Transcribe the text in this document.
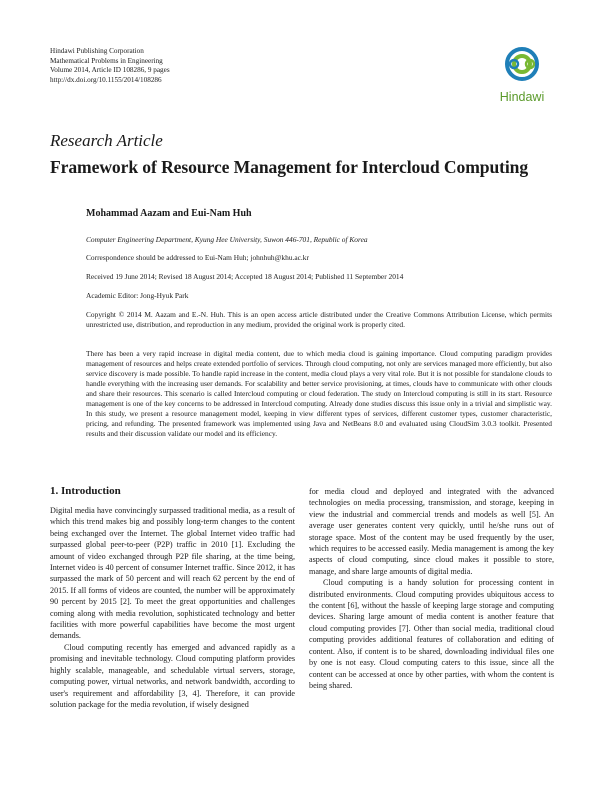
Hindawi Publishing Corporation
Mathematical Problems in Engineering
Volume 2014, Article ID 108286, 9 pages
http://dx.doi.org/10.1155/2014/108286
Hindawi
Research Article
Framework of Resource Management for Intercloud Computing
Mohammad Aazam and Eui-Nam Huh
Computer Engineering Department, Kyung Hee University, Suwon 446-701, Republic of Korea
Correspondence should be addressed to Eui-Nam Huh; johnhuh@khu.ac.kr
Received 19 June 2014; Revised 18 August 2014; Accepted 18 August 2014; Published 11 September 2014
Academic Editor: Jong-Hyuk Park
Copyright © 2014 M. Aazam and E.-N. Huh. This is an open access article distributed under the Creative Commons Attribution License, which permits unrestricted use, distribution, and reproduction in any medium, provided the original work is properly cited.
There has been a very rapid increase in digital media content, due to which media cloud is gaining importance. Cloud computing paradigm provides management of resources and helps create extended portfolio of services. Through cloud computing, not only are services managed more efficiently, but also service discovery is made possible. To handle rapid increase in the content, media cloud plays a very vital role. But it is not possible for standalone clouds to handle everything with the increasing user demands. For scalability and better service provisioning, at times, clouds have to communicate with other clouds and share their resources. This scenario is called Intercloud computing or cloud federation. The study on Intercloud computing is still in its start. Resource management is one of the key concerns to be addressed in Intercloud computing. Already done studies discuss this issue only in a trivial and simplistic way. In this study, we present a resource management model, keeping in view different types of services, different customer types, customer characteristic, pricing, and refunding. The presented framework was implemented using Java and NetBeans 8.0 and evaluated using CloudSim 3.0.3 toolkit. Presented results and their discussion validate our model and its efficiency.
1. Introduction

Digital media have convincingly surpassed traditional media, as a result of which this trend makes big and possibly long-term changes to the content being exchanged over the Internet. The global Internet video traffic had surpassed global peer-to-peer (P2P) traffic in 2010 [1]. Excluding the amount of video exchanged through P2P file sharing, at the time being, Internet video is 40 percent of consumer Internet traffic. Since 2012, it has surpassed the mark of 50 percent and will reach 62 percent by the end of 2015. If all forms of videos are counted, the number will be approximately 90 percent by 2015 [2]. To meet the great opportunities and challenges coming along with media revolution, sophisticated technology and better facilities with more powerful capabilities have become the most urgent demands.

Cloud computing recently has emerged and advanced rapidly as a promising and inevitable technology. Cloud computing platform provides highly scalable, manageable, and schedulable virtual servers, storage, computing power, virtual networks, and network bandwidth, according to user's requirement and affordability [3, 4]. Therefore, it can provide solution package for the media revolution, if wisely designed

for media cloud and deployed and integrated with the advanced technologies on media processing, transmission, and storage, keeping in view the industrial and commercial trends and models as well [5]. An average user generates content very quickly, until he/she runs out of storage space. Most of the content may be used frequently by the user, which requires to be accessed easily. Media management is among the key aspects of cloud computing, since cloud makes it possible to store, manage, and share large amounts of digital media.

Cloud computing is a handy solution for processing content in distributed environments. Cloud computing provides ubiquitous access to the content [6], without the hassle of keeping large storage and computing devices. Sharing large amount of media content is another feature that cloud computing provides [7]. Other than social media, traditional cloud computing provides additional features of collaboration and editing of content. Also, if content is to be shared, downloading individual files one by one is not easy. Cloud computing caters to this issue, since all the content can be accessed at once by other parties, with whom the content is being shared.
